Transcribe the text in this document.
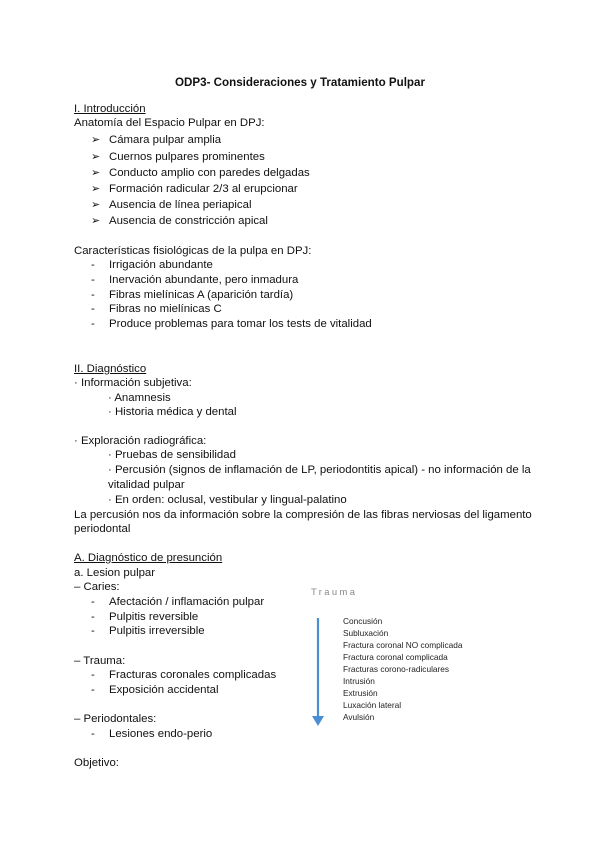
ODP3- Consideraciones y Tratamiento Pulpar
I. Introducción
Anatomía del Espacio Pulpar en DPJ:
➢ Cámara pulpar amplia
➢ Cuernos pulpares prominentes
➢ Conducto amplio con paredes delgadas
➢ Formación radicular 2/3 al erupcionar
➢ Ausencia de línea periapical
➢ Ausencia de constricción apical
Características fisiológicas de la pulpa en DPJ:
- Irrigación abundante
- Inervación abundante, pero inmadura
- Fibras mielínicas A (aparición tardía)
- Fibras no mielínicas C
- Produce problemas para tomar los tests de vitalidad
II. Diagnóstico
· Información subjetiva:
· Anamnesis
· Historia médica y dental
· Exploración radiográfica:
· Pruebas de sensibilidad
· Percusión (signos de inflamación de LP, periodontitis apical) - no información de la
vitalidad pulpar
· En orden: oclusal, vestibular y lingual-palatino
La percusión nos da información sobre la compresión de las fibras nerviosas del ligamento
periodontal
A. Diagnóstico de presunción
a. Lesion pulpar
– Caries:
- Afectación / inflamación pulpar
- Pulpitis reversible
- Pulpitis irreversible
– Trauma:
- Fracturas coronales complicadas
- Exposición accidental
– Periodontales:
- Lesiones endo-perio
Objetivo:
Trauma
Concusión
Subluxación
Fractura coronal NO complicada
Fractura coronal complicada
Fracturas corono-radiculares
Intrusión
Extrusión
Luxación lateral
Avulsión
